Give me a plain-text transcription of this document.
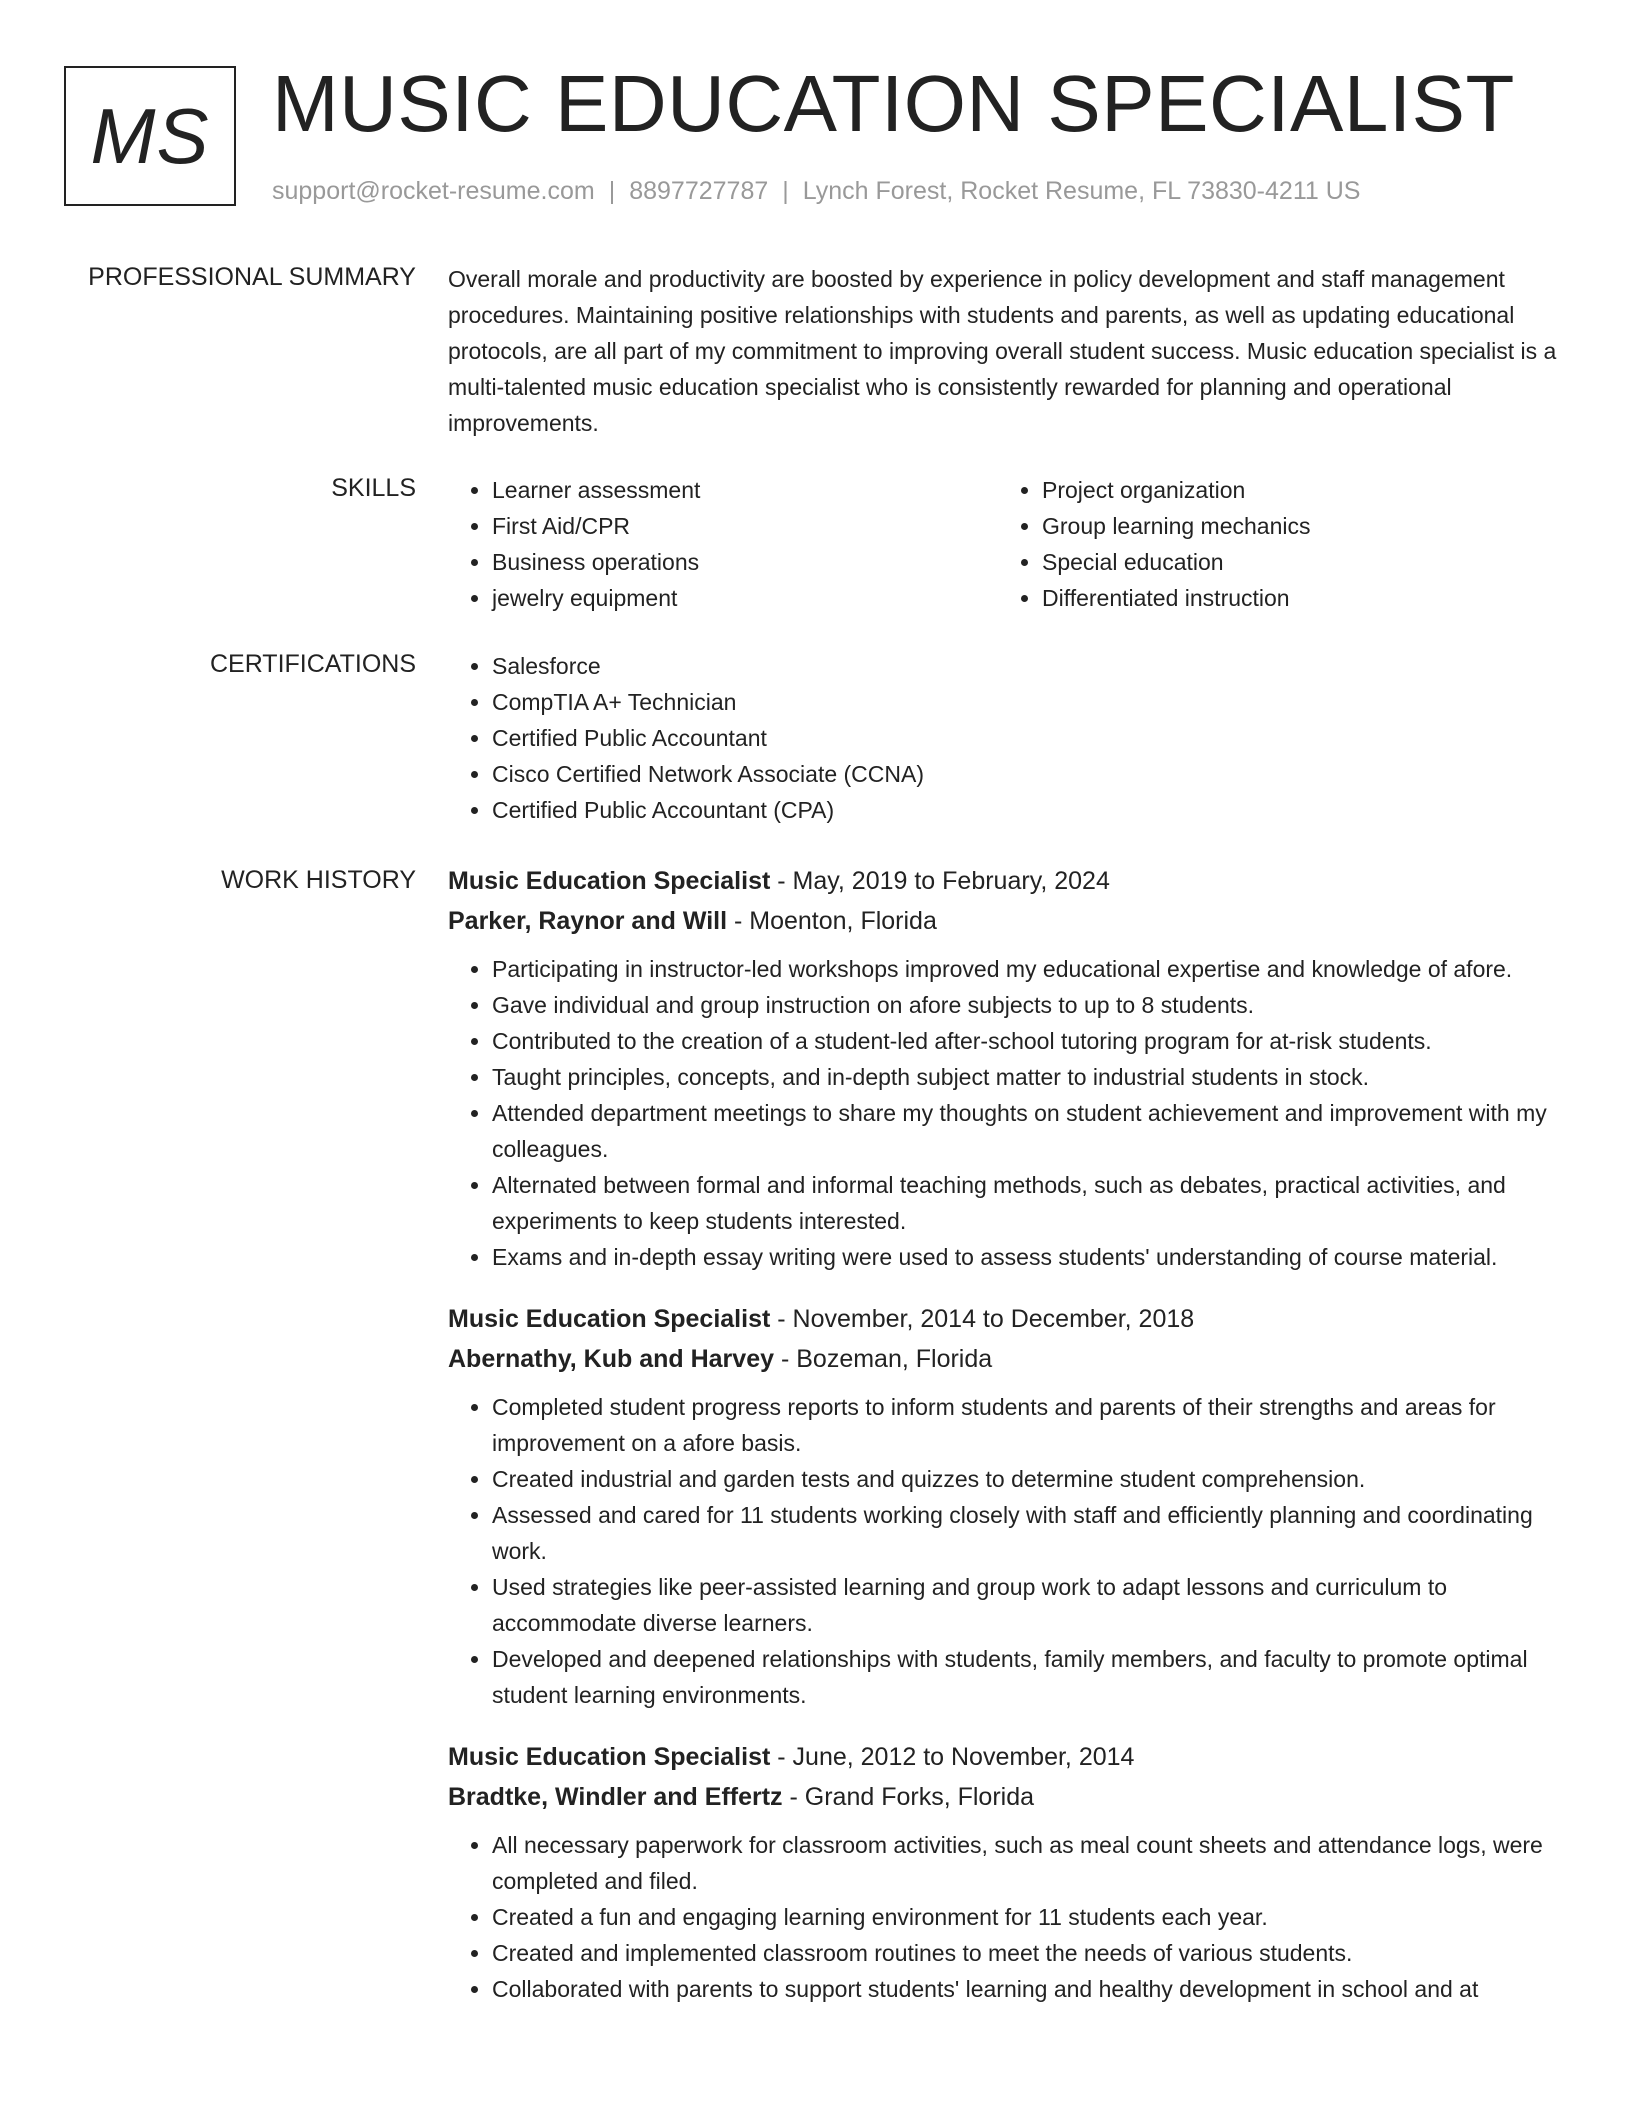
MS MUSIC EDUCATION SPECIALIST
support@rocket-resume.com | 8897727787 | Lynch Forest, Rocket Resume, FL 73830-4211 US
PROFESSIONAL SUMMARY Overall morale and productivity are boosted by experience in policy development and staff management procedures. Maintaining positive relationships with students and parents, as well as updating educational protocols, are all part of my commitment to improving overall student success. Music education specialist is a multi-talented music education specialist who is consistently rewarded for planning and operational improvements.

SKILLS	• Learner assessment
• First Aid/CPR
• Business operations
• jewelry equipment
• Project organization
• Group learning mechanics
• Special education
• Differentiated instruction
CERTIFICATIONS	• Salesforce
• CompTIA A+ Technician
• Certified Public Accountant
• Cisco Certified Network Associate (CCNA)
• Certified Public Accountant (CPA)
WORK HISTORY Music Education Specialist - May, 2019 to February, 2024
Parker, Raynor and Will - Moenton, Florida
• Participating in instructor-led workshops improved my educational expertise and knowledge of afore.
• Gave individual and group instruction on afore subjects to up to 8 students.
• Contributed to the creation of a student-led after-school tutoring program for at-risk students.
• Taught principles, concepts, and in-depth subject matter to industrial students in stock.
• Attended department meetings to share my thoughts on student achievement and improvement with my colleagues.
• Alternated between formal and informal teaching methods, such as debates, practical activities, and experiments to keep students interested.
• Exams and in-depth essay writing were used to assess students' understanding of course material.
Music Education Specialist - November, 2014 to December, 2018
Abernathy, Kub and Harvey - Bozeman, Florida
• Completed student progress reports to inform students and parents of their strengths and areas for improvement on a afore basis.
• Created industrial and garden tests and quizzes to determine student comprehension.
• Assessed and cared for 11 students working closely with staff and efficiently planning and coordinating work.
• Used strategies like peer-assisted learning and group work to adapt lessons and curriculum to accommodate diverse learners.
• Developed and deepened relationships with students, family members, and faculty to promote optimal student learning environments.
Music Education Specialist - June, 2012 to November, 2014
Bradtke, Windler and Effertz - Grand Forks, Florida
• All necessary paperwork for classroom activities, such as meal count sheets and attendance logs, were completed and filed.
• Created a fun and engaging learning environment for 11 students each year.
• Created and implemented classroom routines to meet the needs of various students.
• Collaborated with parents to support students' learning and healthy development in school and at
